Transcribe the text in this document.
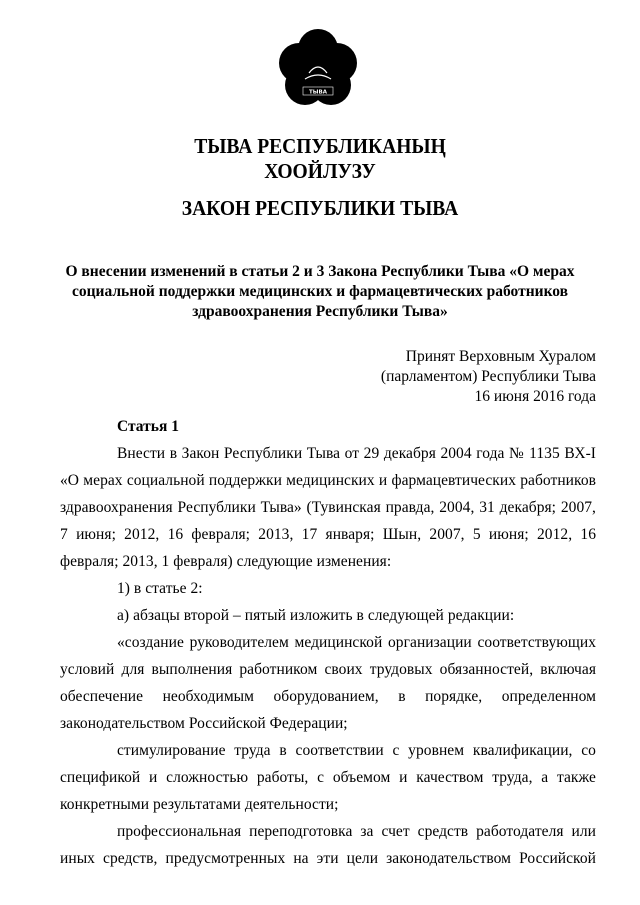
ТЫВА
ТЫВА РЕСПУБЛИКАНЫҢ
ХООЙЛУЗУ
ЗАКОН РЕСПУБЛИКИ ТЫВА
О внесении изменений в статьи 2 и 3 Закона Республики Тыва «О мерах
социальной поддержки медицинских и фармацевтических работников
здравоохранения Республики Тыва»
Принят Верховным Хуралом
(парламентом) Республики Тыва
16 июня 2016 года
Статья 1

Внести в Закон Республики Тыва от 29 декабря 2004 года № 1135 ВХ-I «О мерах социальной поддержки медицинских и фармацевтических работников здравоохранения Республики Тыва» (Тувинская правда, 2004, 31 декабря; 2007, 7 июня; 2012, 16 февраля; 2013, 17 января; Шын, 2007, 5 июня; 2012, 16 февраля; 2013, 1 февраля) следующие изменения:

1) в статье 2:

а) абзацы второй – пятый изложить в следующей редакции:

«создание руководителем медицинской организации соответствующих условий для выполнения работником своих трудовых обязанностей, включая обеспечение необходимым оборудованием, в порядке, определенном законодательством Российской Федерации;

стимулирование труда в соответствии с уровнем квалификации, со спецификой и сложностью работы, с объемом и качеством труда, а также конкретными результатами деятельности;

профессиональная переподготовка за счет средств работодателя или иных средств, предусмотренных на эти цели законодательством Российской
